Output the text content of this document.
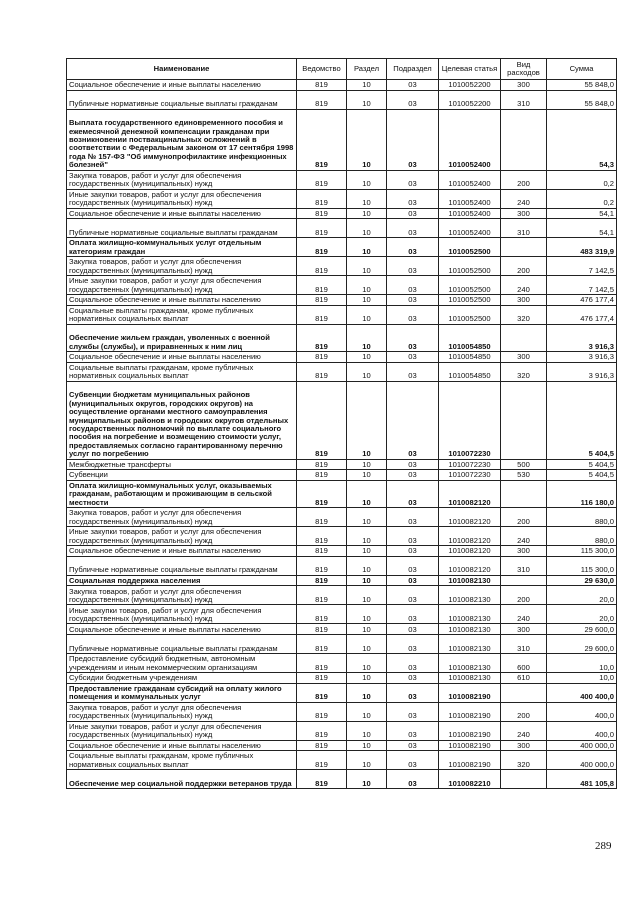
Наименование	Ведомство	Раздел	Подраздел	Целевая статья	Вид расходов	Сумма
Социальное обеспечение и иные выплаты населению	819	10	03	1010052200	300	55 848,0
Публичные нормативные социальные выплаты гражданам	819	10	03	1010052200	310	55 848,0
Выплата государственного единовременного пособия и ежемесячной денежной компенсации гражданам при возникновении поствакцинальных осложнений в соответствии с Федеральным законом от 17 сентября 1998 года № 157-ФЗ "Об иммунопрофилактике инфекционных болезней"	819	10	03	1010052400		54,3
Закупка товаров, работ и услуг для обеспечения государственных (муниципальных) нужд	819	10	03	1010052400	200	0,2
Иные закупки товаров, работ и услуг для обеспечения государственных (муниципальных) нужд	819	10	03	1010052400	240	0,2
Социальное обеспечение и иные выплаты населению	819	10	03	1010052400	300	54,1
Публичные нормативные социальные выплаты гражданам	819	10	03	1010052400	310	54,1
Оплата жилищно-коммунальных услуг отдельным категориям граждан	819	10	03	1010052500		483 319,9
Закупка товаров, работ и услуг для обеспечения государственных (муниципальных) нужд	819	10	03	1010052500	200	7 142,5
Иные закупки товаров, работ и услуг для обеспечения государственных (муниципальных) нужд	819	10	03	1010052500	240	7 142,5
Социальное обеспечение и иные выплаты населению	819	10	03	1010052500	300	476 177,4
Социальные выплаты гражданам, кроме публичных нормативных социальных выплат	819	10	03	1010052500	320	476 177,4
Обеспечение жильем граждан, уволенных с военной службы (службы), и приравненных к ним лиц	819	10	03	1010054850		3 916,3
Социальное обеспечение и иные выплаты населению	819	10	03	1010054850	300	3 916,3
Социальные выплаты гражданам, кроме публичных нормативных социальных выплат	819	10	03	1010054850	320	3 916,3
Субвенции бюджетам муниципальных районов (муниципальных округов, городских округов) на осуществление органами местного самоуправления муниципальных районов и городских округов отдельных государственных полномочий по выплате социального пособия на погребение и возмещению стоимости услуг, предоставляемых согласно гарантированному перечню услуг по погребению	819	10	03	1010072230		5 404,5
Межбюджетные трансферты	819	10	03	1010072230	500	5 404,5
Субвенции	819	10	03	1010072230	530	5 404,5
Оплата жилищно-коммунальных услуг, оказываемых гражданам, работающим и проживающим в сельской местности	819	10	03	1010082120		116 180,0
Закупка товаров, работ и услуг для обеспечения государственных (муниципальных) нужд	819	10	03	1010082120	200	880,0
Иные закупки товаров, работ и услуг для обеспечения государственных (муниципальных) нужд	819	10	03	1010082120	240	880,0
Социальное обеспечение и иные выплаты населению	819	10	03	1010082120	300	115 300,0
Публичные нормативные социальные выплаты гражданам	819	10	03	1010082120	310	115 300,0
Социальная поддержка населения	819	10	03	1010082130		29 630,0
Закупка товаров, работ и услуг для обеспечения государственных (муниципальных) нужд	819	10	03	1010082130	200	20,0
Иные закупки товаров, работ и услуг для обеспечения государственных (муниципальных) нужд	819	10	03	1010082130	240	20,0
Социальное обеспечение и иные выплаты населению	819	10	03	1010082130	300	29 600,0
Публичные нормативные социальные выплаты гражданам	819	10	03	1010082130	310	29 600,0
Предоставление субсидий бюджетным, автономным учреждениям и иным некоммерческим организациям	819	10	03	1010082130	600	10,0
Субсидии бюджетным учреждениям	819	10	03	1010082130	610	10,0
Предоставление гражданам субсидий на оплату жилого помещения и коммунальных услуг	819	10	03	1010082190		400 400,0
Закупка товаров, работ и услуг для обеспечения государственных (муниципальных) нужд	819	10	03	1010082190	200	400,0
Иные закупки товаров, работ и услуг для обеспечения государственных (муниципальных) нужд	819	10	03	1010082190	240	400,0
Социальное обеспечение и иные выплаты населению	819	10	03	1010082190	300	400 000,0
Социальные выплаты гражданам, кроме публичных нормативных социальных выплат	819	10	03	1010082190	320	400 000,0
Обеспечение мер социальной поддержки ветеранов труда	819	10	03	1010082210		481 105,8
289
